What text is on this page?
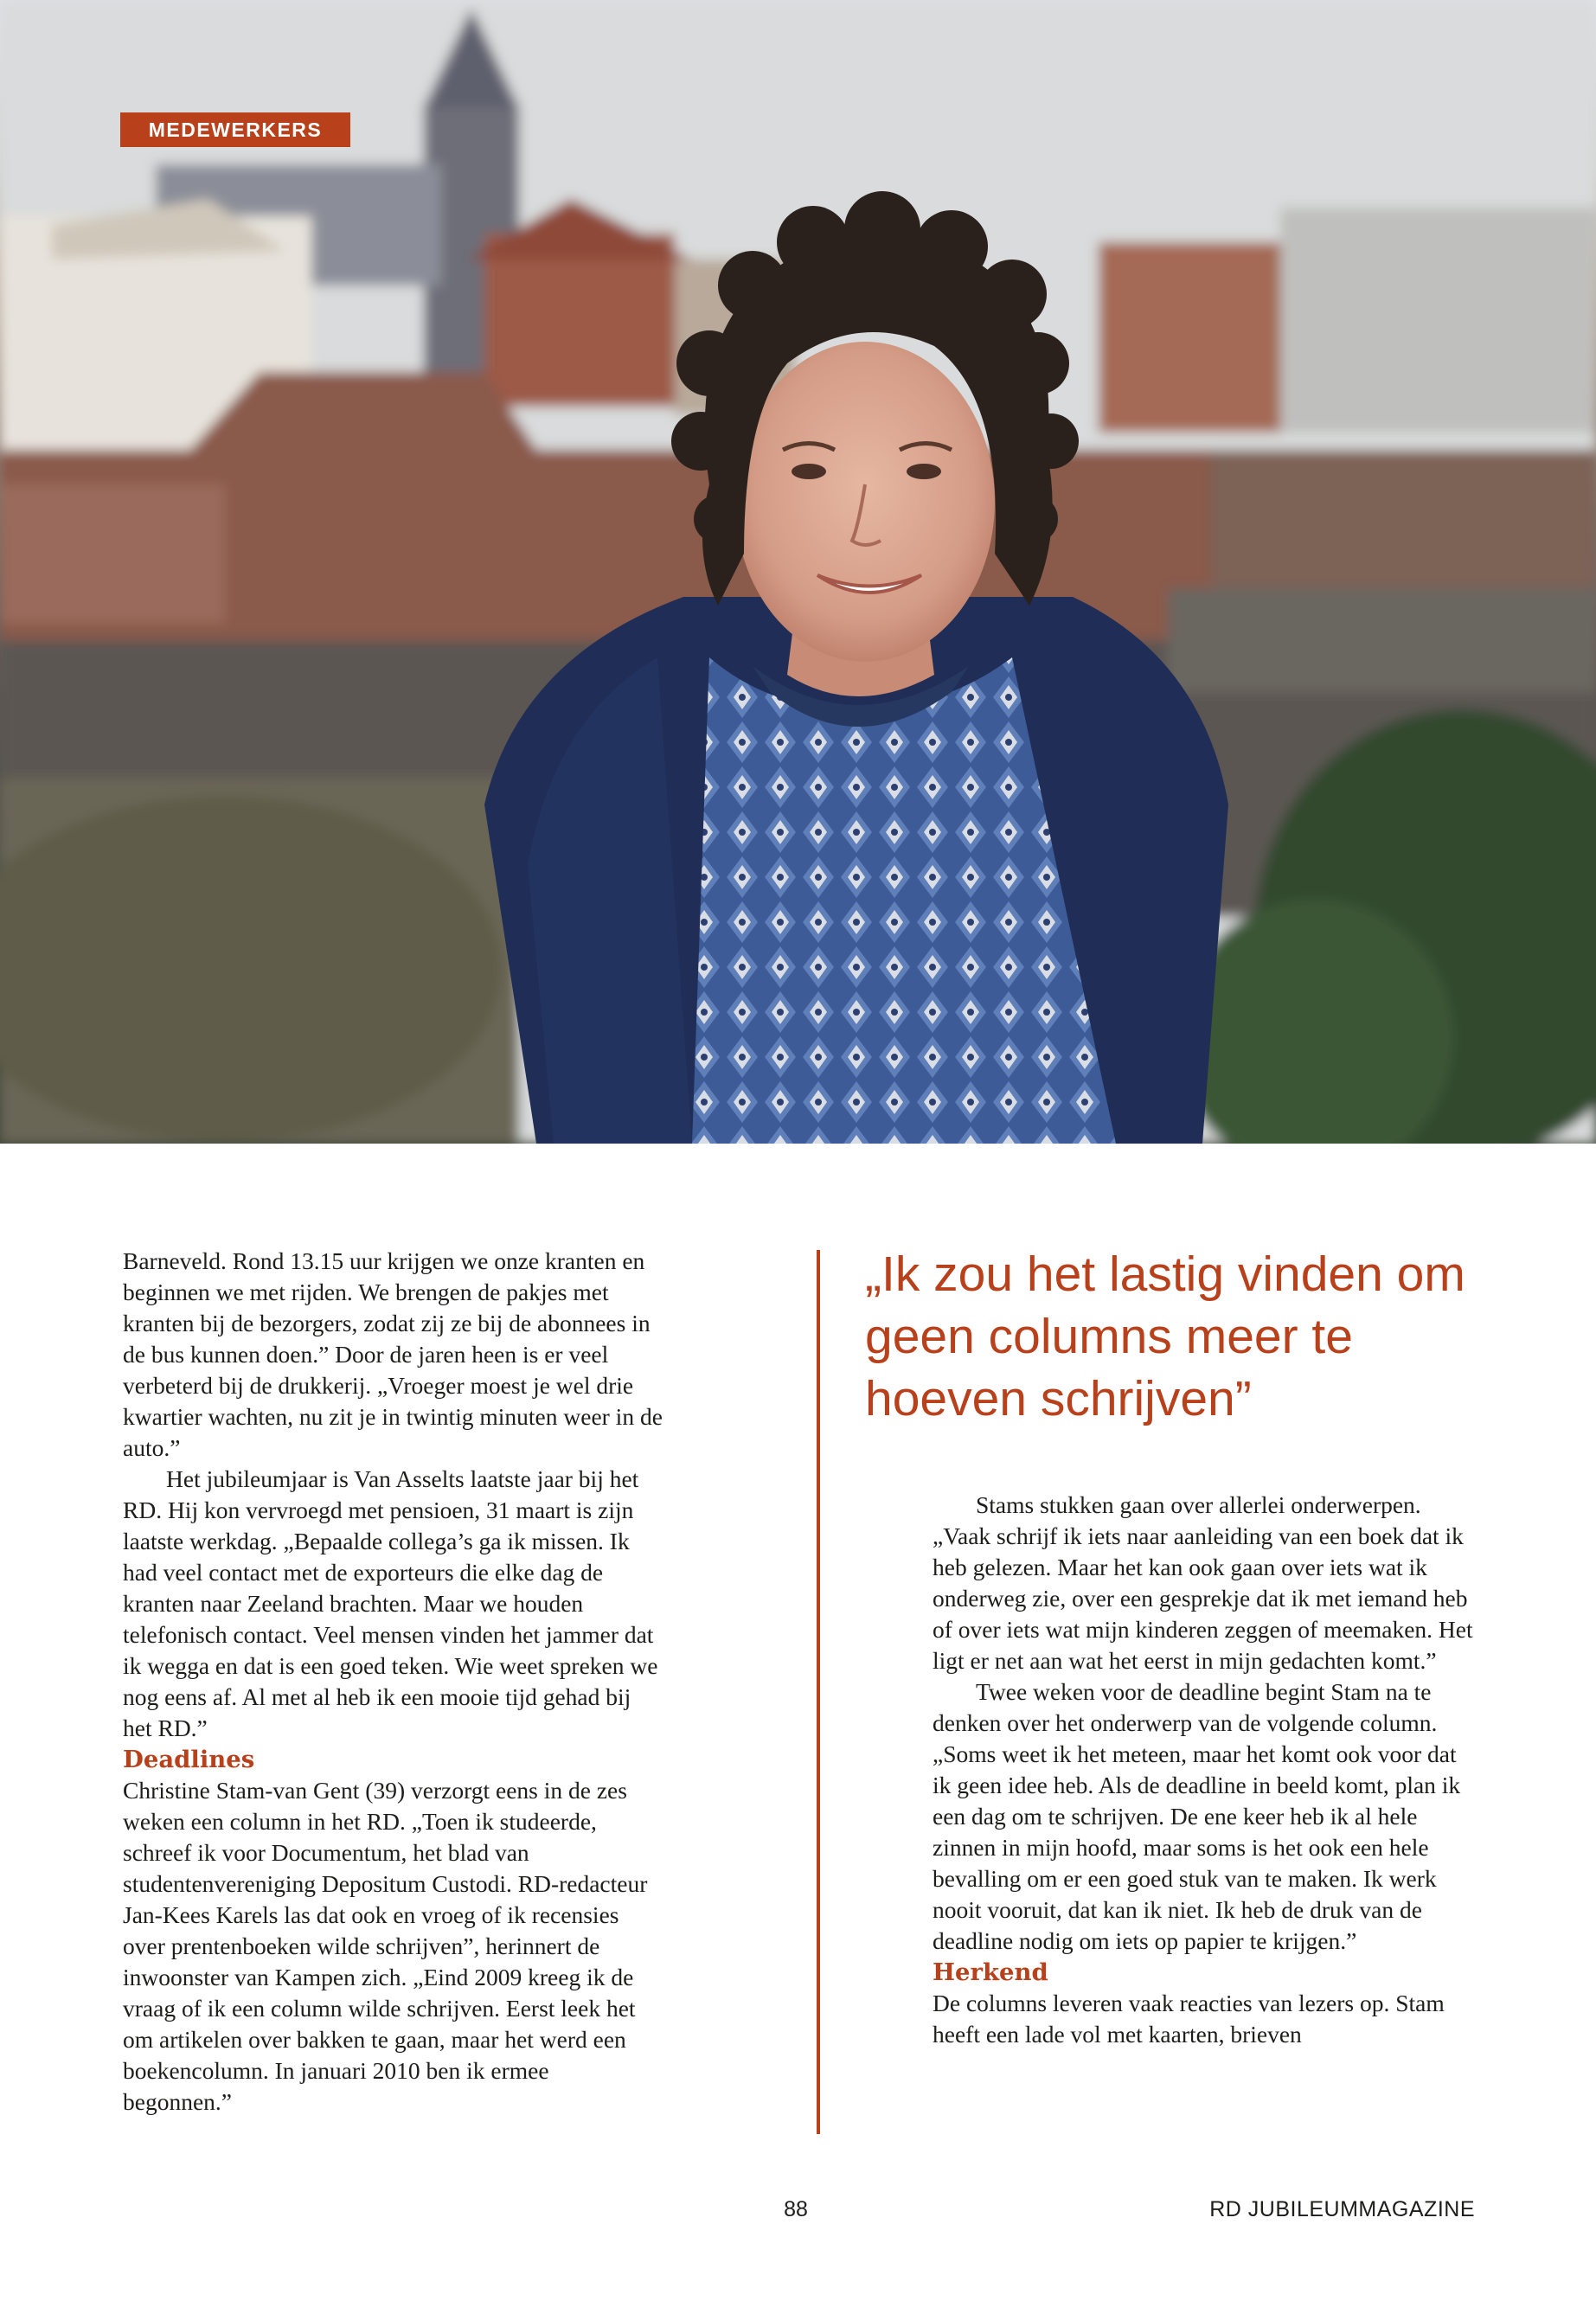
MEDEWERKERS

Barneveld. Rond 13.15 uur krijgen we onze kranten en beginnen we met rijden. We brengen de pakjes met kranten bij de bezorgers, zodat zij ze bij de abonnees in de bus kunnen doen.” Door de jaren heen is er veel verbeterd bij de drukkerij. „Vroeger moest je wel drie kwartier wachten, nu zit je in twintig minuten weer in de auto.”

Het jubileumjaar is Van Asselts laatste jaar bij het RD. Hij kon vervroegd met pensioen, 31 maart is zijn laatste werkdag. „Bepaalde collega’s ga ik missen. Ik had veel contact met de exporteurs die elke dag de kranten naar Zeeland brachten. Maar we houden telefonisch contact. Veel mensen vinden het jammer dat ik wegga en dat is een goed teken. Wie weet spreken we nog eens af. Al met al heb ik een mooie tijd gehad bij het RD.”

Deadlines

Christine Stam-van Gent (39) verzorgt eens in de zes weken een column in het RD. „Toen ik studeerde, schreef ik voor Documentum, het blad van studentenvereniging Depositum Custodi. RD-redacteur Jan-Kees Karels las dat ook en vroeg of ik recensies over prentenboeken wilde schrijven”, herinnert de inwoonster van Kampen zich. „Eind 2009 kreeg ik de vraag of ik een column wilde schrijven. Eerst leek het om artikelen over bakken te gaan, maar het werd een boekencolumn. In januari 2010 ben ik ermee begonnen.”

„Ik zou het lastig vinden om geen columns meer te hoeven schrijven”

Stams stukken gaan over allerlei onderwerpen. „Vaak schrijf ik iets naar aanleiding van een boek dat ik heb gelezen. Maar het kan ook gaan over iets wat ik onderweg zie, over een gesprekje dat ik met iemand heb of over iets wat mijn kinderen zeggen of meemaken. Het ligt er net aan wat het eerst in mijn gedachten komt.”

Twee weken voor de deadline begint Stam na te denken over het onderwerp van de volgende column. „Soms weet ik het meteen, maar het komt ook voor dat ik geen idee heb. Als de deadline in beeld komt, plan ik een dag om te schrijven. De ene keer heb ik al hele zinnen in mijn hoofd, maar soms is het ook een hele bevalling om er een goed stuk van te maken. Ik werk nooit vooruit, dat kan ik niet. Ik heb de druk van de deadline nodig om iets op papier te krijgen.”

Herkend

De columns leveren vaak reacties van lezers op. Stam heeft een lade vol met kaarten, brieven

88	RD JUBILEUMMAGAZINE
